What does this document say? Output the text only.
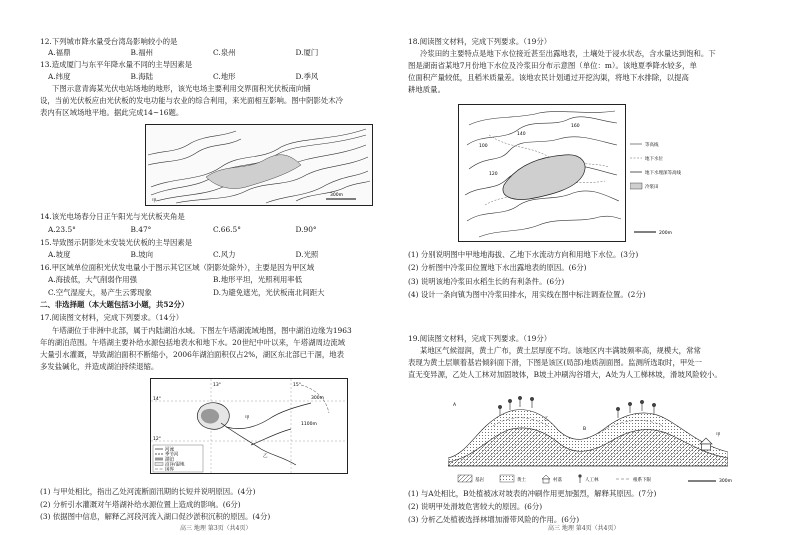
12.下列城市降水量受台湾岛影响较小的是
A.福鼎	B.福州	C.泉州	D.厦门
13.造成厦门与东平年降水量不同的主导因素是
A.纬度	B.海陆	C.地形	D.季风
下图示意青海某光伏电站场地的地形，该光电场主要利用交界面积光伏板南向铺
设，当前光伏板应由光伏板的发电功能与农业的综合利用，来光面相互影响。图中阴影处木冷
表内有区域场地平地。据此完成14~16题。
甲
300m
14.该光电场春分日正午阳光与光伏板夹角是
A.23.5°	B.47°	C.66.5°	D.90°
15.导致图示阴影处未安装光伏板的主导因素是
A.坡度	B.坡向	C.风力	D.光照
16.甲区域单位面积光伏发电量小于图示其它区域（阴影处除外），主要是因为甲区域
A.海拔低，大气削弱作用强	B.地形平坦，光照利用率低
C.空气湿度大，易产生云雾现象	D.为避免遮光，光伏板南北间距大
二、非选择题（本大题包括3小题，共52分）
17.阅读图文材料，完成下列要求。（14分）
午塔湖位于非洲中北部，属于内陆湖泊水域。下图左午塔湖流域地图，图中湖泊边缘为1963
年的湖泊范围。午塔湖主要补给水源包括地表水和地下水。20世纪中叶以来，午塔湖周边流域
大量引水灌溉，导致湖泊面积不断缩小，2006年湖泊面积仅占2%，湖区东北部已干涸，地表
多发盐碱化，并造成湖泊持续退缩。
14°
12°
13°	15°
甲
乙
300m
1100m
河流
季节河
湖泊
沼泽/湿地
国界
(1) 与甲处相比，指出乙处河流断面汛期的长短并说明原因。(4分)
(2) 分析引水灌溉对午塔湖补给水源位置上造成的影响。(6分)
(3) 依据图中信息，解释乙河段河流入湖口促沙淤积沉积的原因。(4分)
高三 地理 第3页（共4页）
18.阅读图文材料，完成下列要求。（19分）
冷浆田的主要特点是地下水位接近甚至出露地表，土壤处于浸水状态，含水量达到饱和。下
图是湖南省某地7月份地下水位及冷浆田分布示意图（单位：m）。该地夏季降水较多，单
位面积产量较低，且稻米质量差。该地农民计划通过开挖沟渠，将地下水排除，以提高
耕地质量。
100
120
140
160
等高线
地下水位
地下水埋深等高线
冷浆田
200m
(1) 分别说明图中甲地地海拔、乙地下水流动方向和用地下水位。(3分)
(2) 分析图中冷浆田位置地下水出露地表的原因。(6分)
(3) 说明该地冷浆田水稻生长的有利条件。(6分)
(4) 设计一条向镇为图中冷浆田排水，用实线在图中标注调查位置。(2分)
19.阅读图文材料，完成下列要求。（19分）
某地区气候湿润，黄土广布，黄土层厚度不均。该地区内丰满坡频率高，规模大，常常
表现为黄土层顺着基岩倾斜面下滑，下图是该区(局部)地质剖面图。监测所选取时，甲处一
直无变异源，乙处人工林对加固坡体，B坡土冲刷沟谷增大，A处为人工梯林坡，滑坡风险较小。
A
B
甲
乙
基岩	黄土	村落	人工林	根系下限	300m
(1) 与A处相比，B处植被冰对坡表的冲刷作用更加强烈，解释其原因。(7分)
(2) 说明甲处滑坡危害较大的原因。(6分)
(3) 分析乙处植被选择林增加滑带风险的作用。(6分)
高三 地理 第4页（共4页）
